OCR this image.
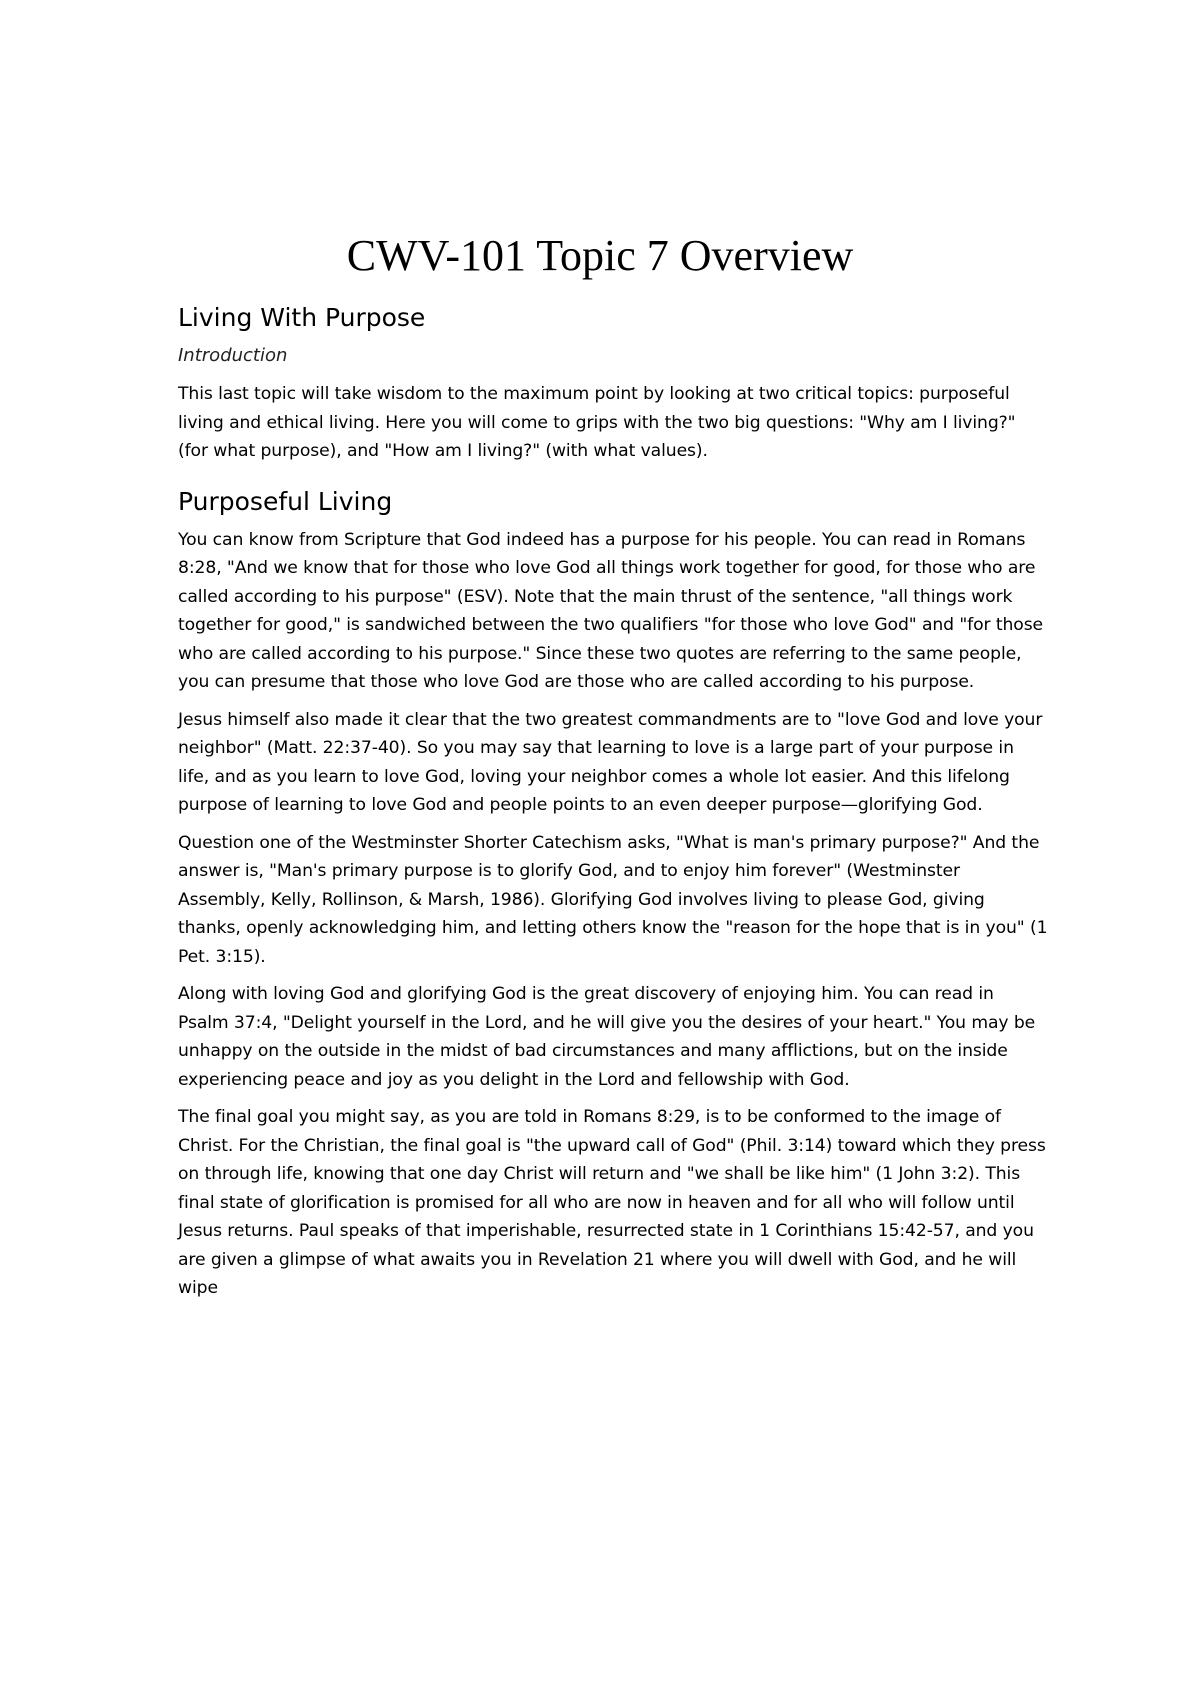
CWV-101 Topic 7 Overview
Living With Purpose
Introduction

This last topic will take wisdom to the maximum point by looking at two critical topics: purposeful living and ethical living. Here you will come to grips with the two big questions: "Why am I living?" (for what purpose), and "How am I living?" (with what values).

Purposeful Living

You can know from Scripture that God indeed has a purpose for his people. You can read in Romans 8:28, "And we know that for those who love God all things work together for good, for those who are called according to his purpose" (ESV). Note that the main thrust of the sentence, "all things work together for good," is sandwiched between the two qualifiers "for those who love God" and "for those who are called according to his purpose." Since these two quotes are referring to the same people, you can presume that those who love God are those who are called according to his purpose.

Jesus himself also made it clear that the two greatest commandments are to "love God and love your neighbor" (Matt. 22:37-40). So you may say that learning to love is a large part of your purpose in life, and as you learn to love God, loving your neighbor comes a whole lot easier. And this lifelong purpose of learning to love God and people points to an even deeper purpose—glorifying God.

Question one of the Westminster Shorter Catechism asks, "What is man's primary purpose?" And the answer is, "Man's primary purpose is to glorify God, and to enjoy him forever" (Westminster Assembly, Kelly, Rollinson, & Marsh, 1986). Glorifying God involves living to please God, giving thanks, openly acknowledging him, and letting others know the "reason for the hope that is in you" (1 Pet. 3:15).

Along with loving God and glorifying God is the great discovery of enjoying him. You can read in Psalm 37:4, "Delight yourself in the Lord, and he will give you the desires of your heart." You may be unhappy on the outside in the midst of bad circumstances and many afflictions, but on the inside experiencing peace and joy as you delight in the Lord and fellowship with God.

The final goal you might say, as you are told in Romans 8:29, is to be conformed to the image of Christ. For the Christian, the final goal is "the upward call of God" (Phil. 3:14) toward which they press on through life, knowing that one day Christ will return and "we shall be like him" (1 John 3:2). This final state of glorification is promised for all who are now in heaven and for all who will follow until Jesus returns. Paul speaks of that imperishable, resurrected state in 1 Corinthians 15:42-57, and you are given a glimpse of what awaits you in Revelation 21 where you will dwell with God, and he will wipe
